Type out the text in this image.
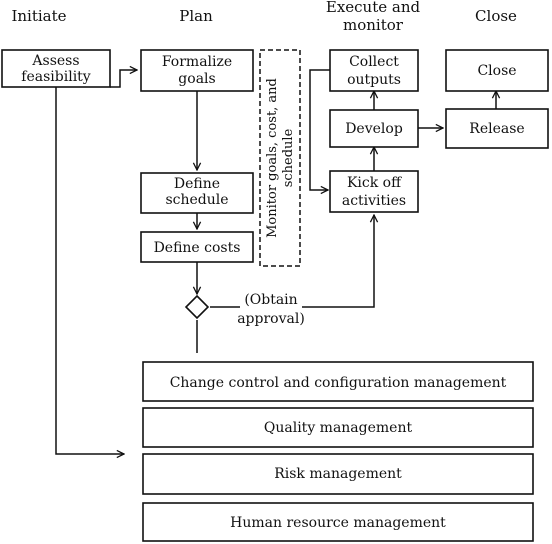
Initiate	Plan	Execute and
monitor	Close
Assess
feasibility
Formalize
goals
Define
schedule
Define costs
(Obtain
approval)
Monitor goals, cost, and schedule
Collect
outputs
Develop
Kick off
activities
Close
Release
Change control and configuration management
Quality management
Risk management
Human resource management
